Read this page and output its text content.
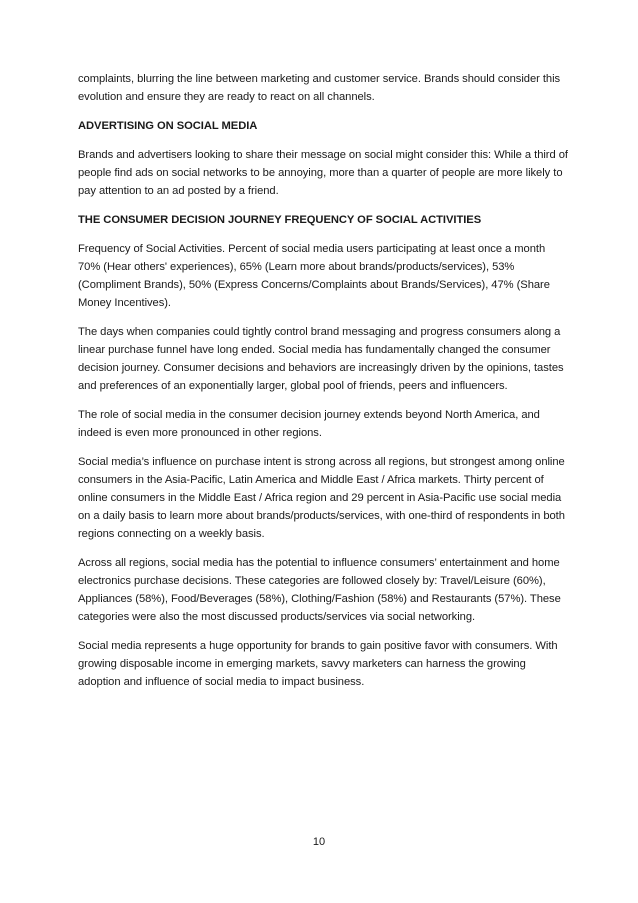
complaints, blurring the line between marketing and customer service. Brands should consider this evolution and ensure they are ready to react on all channels.

ADVERTISING ON SOCIAL MEDIA

Brands and advertisers looking to share their message on social might consider this: While a third of people find ads on social networks to be annoying, more than a quarter of people are more likely to pay attention to an ad posted by a friend.

THE CONSUMER DECISION JOURNEY FREQUENCY OF SOCIAL ACTIVITIES

Frequency of Social Activities. Percent of social media users participating at least once a month 70% (Hear others' experiences), 65% (Learn more about brands/products/services), 53% (Compliment Brands), 50% (Express Concerns/Complaints about Brands/Services), 47% (Share Money Incentives).

The days when companies could tightly control brand messaging and progress consumers along a linear purchase funnel have long ended. Social media has fundamentally changed the consumer decision journey. Consumer decisions and behaviors are increasingly driven by the opinions, tastes and preferences of an exponentially larger, global pool of friends, peers and influencers.

The role of social media in the consumer decision journey extends beyond North America, and indeed is even more pronounced in other regions.

Social media’s influence on purchase intent is strong across all regions, but strongest among online consumers in the Asia-Pacific, Latin America and Middle East / Africa markets. Thirty percent of online consumers in the Middle East / Africa region and 29 percent in Asia-Pacific use social media on a daily basis to learn more about brands/products/services, with one-third of respondents in both regions connecting on a weekly basis.

Across all regions, social media has the potential to influence consumers’ entertainment and home electronics purchase decisions. These categories are followed closely by: Travel/Leisure (60%), Appliances (58%), Food/Beverages (58%), Clothing/Fashion (58%) and Restaurants (57%). These categories were also the most discussed products/services via social networking.

Social media represents a huge opportunity for brands to gain positive favor with consumers. With growing disposable income in emerging markets, savvy marketers can harness the growing adoption and influence of social media to impact business.

10
